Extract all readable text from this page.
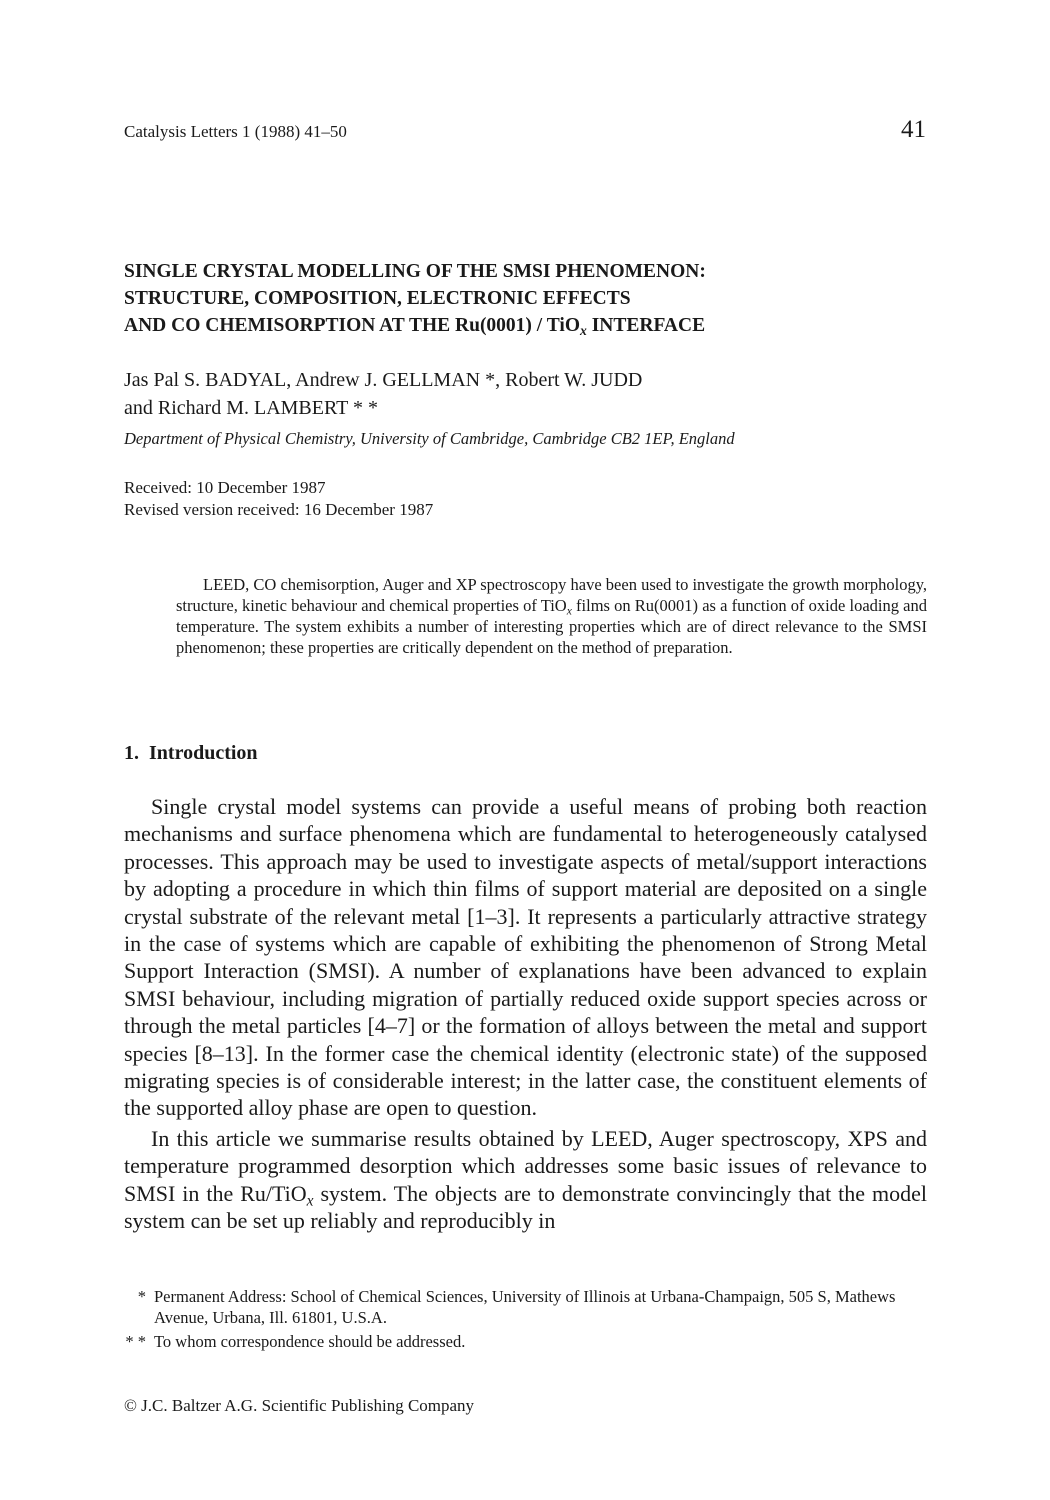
Catalysis Letters 1 (1988) 41–50	41
SINGLE CRYSTAL MODELLING OF THE SMSI PHENOMENON:
STRUCTURE, COMPOSITION, ELECTRONIC EFFECTS
AND CO CHEMISORPTION AT THE Ru(0001) / TiO$_x$ INTERFACE
Jas Pal S. BADYAL, Andrew J. GELLMAN *, Robert W. JUDD
and Richard M. LAMBERT * *
Department of Physical Chemistry, University of Cambridge, Cambridge CB2 1EP, England
Received: 10 December 1987
Revised version received: 16 December 1987

LEED, CO chemisorption, Auger and XP spectroscopy have been used to investigate the growth morphology, structure, kinetic behaviour and chemical properties of TiO$_x$ films on Ru(0001) as a function of oxide loading and temperature. The system exhibits a number of interesting properties which are of direct relevance to the SMSI phenomenon; these properties are critically dependent on the method of preparation.

1. Introduction

Single crystal model systems can provide a useful means of probing both reaction mechanisms and surface phenomena which are fundamental to heterogeneously catalysed processes. This approach may be used to investigate aspects of metal/support interactions by adopting a procedure in which thin films of support material are deposited on a single crystal substrate of the relevant metal [1–3]. It represents a particularly attractive strategy in the case of systems which are capable of exhibiting the phenomenon of Strong Metal Support Interaction (SMSI). A number of explanations have been advanced to explain SMSI behaviour, including migration of partially reduced oxide support species across or through the metal particles [4–7] or the formation of alloys between the metal and support species [8–13]. In the former case the chemical identity (electronic state) of the supposed migrating species is of considerable interest; in the latter case, the constituent elements of the supported alloy phase are open to question.

In this article we summarise results obtained by LEED, Auger spectroscopy, XPS and temperature programmed desorption which addresses some basic issues of relevance to SMSI in the Ru/TiO$_x$ system. The objects are to demonstrate convincingly that the model system can be set up reliably and reproducibly in

* Permanent Address: School of Chemical Sciences, University of Illinois at Urbana-Champaign, 505 S, Mathews Avenue, Urbana, Ill. 61801, U.S.A.
* * To whom correspondence should be addressed.
© J.C. Baltzer A.G. Scientific Publishing Company
